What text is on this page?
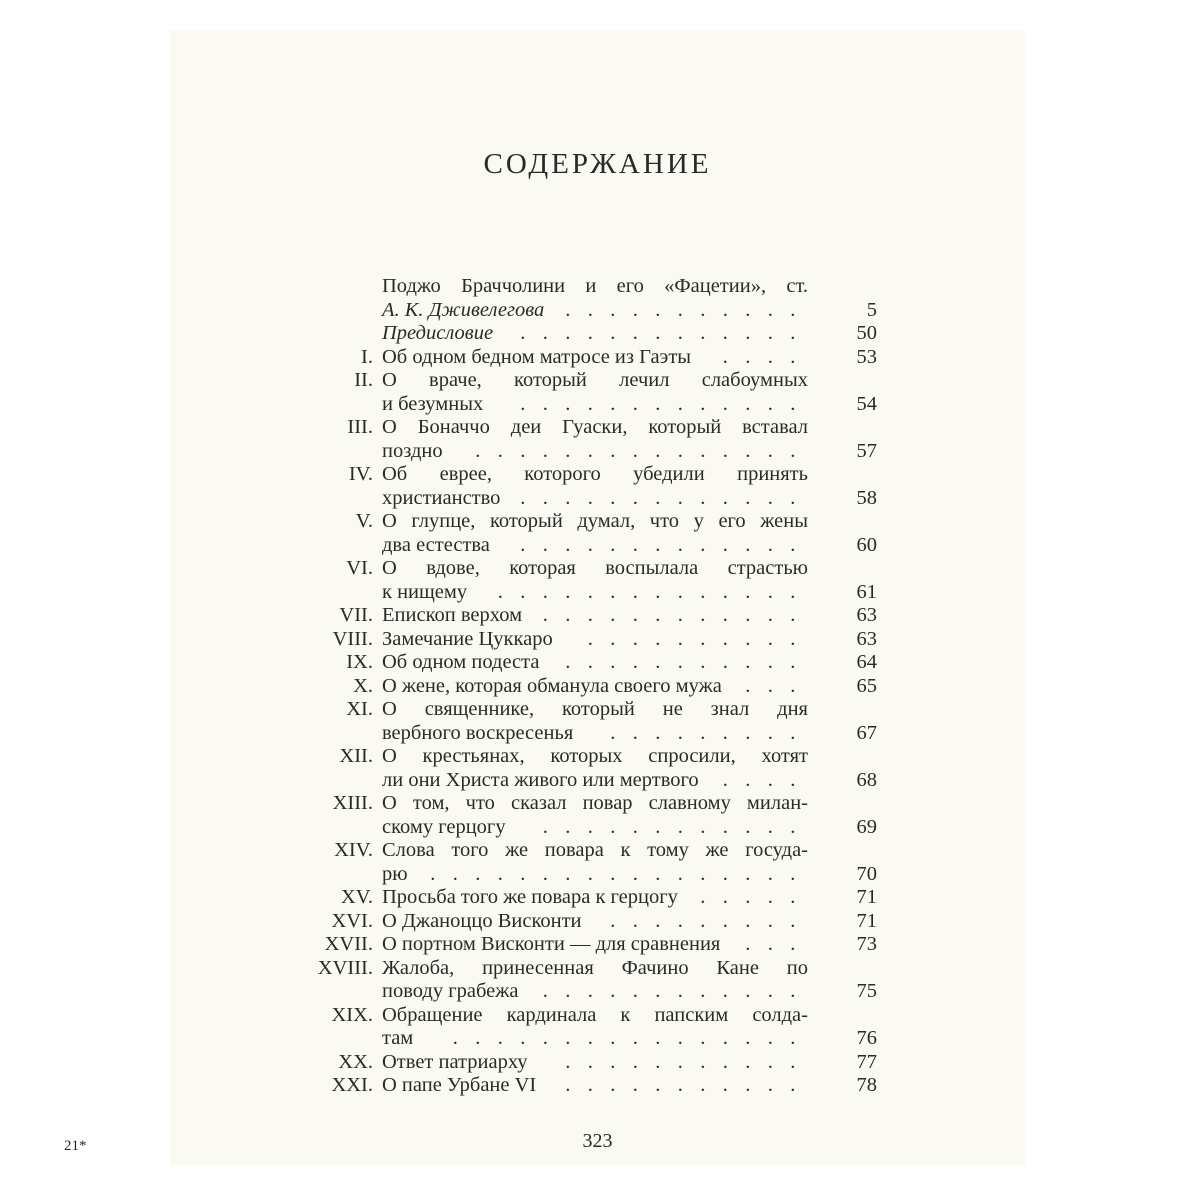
СОДЕРЖАНИЕ
Поджо Браччолини и его «Фацетии», ст.
А. К. Дживелегова	. . . . . . . . . . .	5
Предисловие	. . . . . . . . . . . . .	50
I. Об одном бедном матросе из Гаэты	. . . .	53
II. О враче, который лечил слабоумных
и безумных	. . . . . . . . . . . . .	54
III. О Боначчо деи Гуаски, который вставал
поздно	. . . . . . . . . . . . . . .	57
IV. Об еврее, которого убедили принять
христианство . . . . . . . . . . . . .	58
V. О глупце, который думал, что у его жены
два естества	. . . . . . . . . . . . .	60
VI. О вдове, которая воспылала страстью
к нищему	. . . . . . . . . . . . . .	61
VII. Епископ верхом	. . . . . . . . . . . .	63
VIII. Замечание Цуккаро	. . . . . . . . . .	63
IX. Об одном подеста	. . . . . . . . . . .	64
X. О жене, которая обманула своего мужа	. . .	65
XI. О священнике, который не знал дня
вербного воскресенья	. . . . . . . . .	67
XII. О крестьянах, которых спросили, хотят
ли они Христа живого или мертвого	. . . .	68
XIII. О том, что сказал повар славному милан-
скому герцогу	. . . . . . . . . . . .	69
XIV. Слова того же повара к тому же госуда-
рю	. . . . . . . . . . . . . . . . .	70
XV. Просьба того же повара к герцогу	. . . . .	71
XVI. О Джаноццо Висконти	. . . . . . . . .	71
XVII. О портном Висконти — для сравнения	. . .	73
XVIII. Жалоба, принесенная Фачино Кане по
поводу грабежа	. . . . . . . . . . . .	75
XIX. Обращение кардинала к папским солда-
там	. . . . . . . . . . . . . . . .	76
XX. Ответ патриарху	. . . . . . . . . . .	77
XXI. О папе Урбане VI	. . . . . . . . . . .	78
323
21*
